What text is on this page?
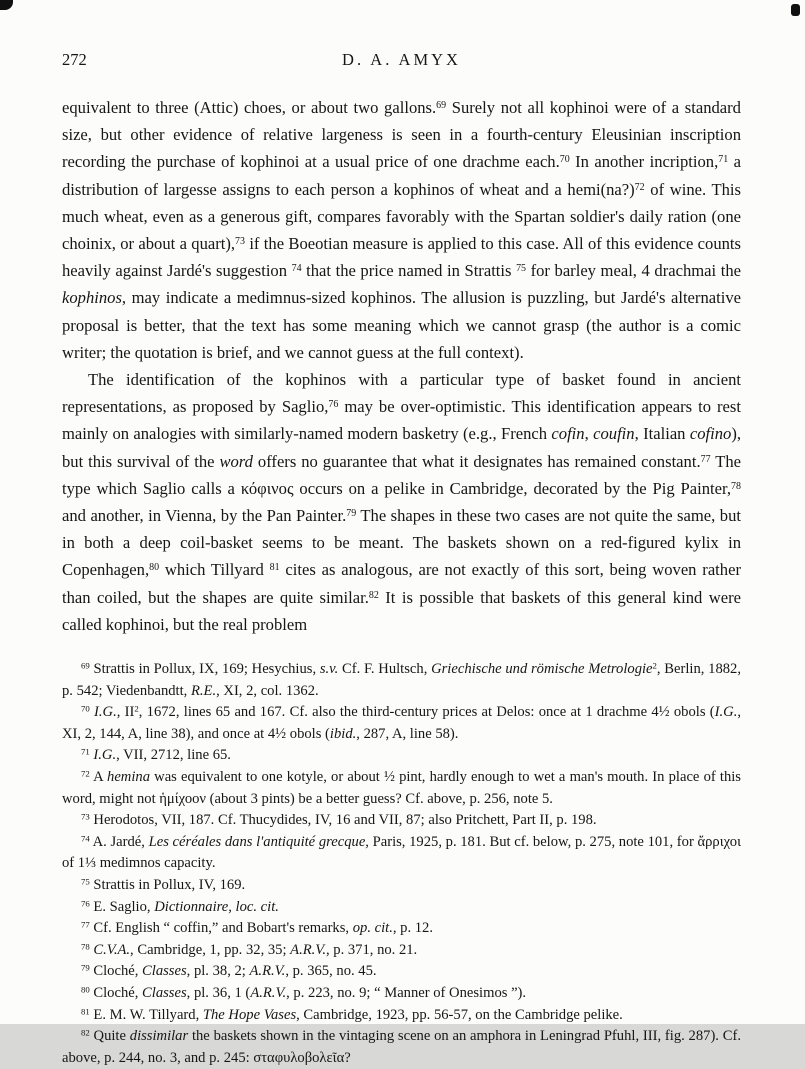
272	D. A. AMYX

equivalent to three (Attic) choes, or about two gallons.$^{69}$ Surely not all kophinoi were of a standard size, but other evidence of relative largeness is seen in a fourth-century Eleusinian inscription recording the purchase of kophinoi at a usual price of one drachme each.$^{70}$ In another incription,$^{71}$ a distribution of largesse assigns to each person a kophinos of wheat and a hemi(na?)$^{72}$ of wine. This much wheat, even as a generous gift, compares favorably with the Spartan soldier's daily ration (one choinix, or about a quart),$^{73}$ if the Boeotian measure is applied to this case. All of this evidence counts heavily against Jardé's suggestion $^{74}$ that the price named in Strattis $^{75}$ for barley meal, 4 drachmai the kophinos, may indicate a medimnus-sized kophinos. The allusion is puzzling, but Jardé's alternative proposal is better, that the text has some meaning which we cannot grasp (the author is a comic writer; the quotation is brief, and we cannot guess at the full context).

The identification of the kophinos with a particular type of basket found in ancient representations, as proposed by Saglio,$^{76}$ may be over-optimistic. This identification appears to rest mainly on analogies with similarly-named modern basketry (e.g., French cofin, coufin, Italian cofino), but this survival of the word offers no guarantee that what it designates has remained constant.$^{77}$ The type which Saglio calls a κόφινος occurs on a pelike in Cambridge, decorated by the Pig Painter,$^{78}$ and another, in Vienna, by the Pan Painter.$^{79}$ The shapes in these two cases are not quite the same, but in both a deep coil-basket seems to be meant. The baskets shown on a red-figured kylix in Copenhagen,$^{80}$ which Tillyard $^{81}$ cites as analogous, are not exactly of this sort, being woven rather than coiled, but the shapes are quite similar.$^{82}$ It is possible that baskets of this general kind were called kophinoi, but the real problem

$^{69}$ Strattis in Pollux, IX, 169; Hesychius, s.v. Cf. F. Hultsch, Griechische und römische Metrologie$^2$, Berlin, 1882, p. 542; Viedenbandtt, R.E., XI, 2, col. 1362.

$^{70}$ I.G., $II^2$, 1672, lines 65 and 167. Cf. also the third-century prices at Delos: once at 1 drachme 4½ obols (I.G., XI, 2, 144, A, line 38), and once at 4½ obols (ibid., 287, A, line 58).

$^{71}$ I.G., VII, 2712, line 65.

$^{72}$ A hemina was equivalent to one kotyle, or about ½ pint, hardly enough to wet a man's mouth. In place of this word, might not ἡμίχοον (about 3 pints) be a better guess? Cf. above, p. 256, note 5.

$^{73}$ Herodotos, VII, 187. Cf. Thucydides, IV, 16 and VII, 87; also Pritchett, Part II, p. 198.

$^{74}$ A. Jardé, Les céréales dans l'antiquité grecque, Paris, 1925, p. 181. But cf. below, p. 275, note 101, for ἄρριχοι of 1⅓ medimnos capacity.

$^{75}$ Strattis in Pollux, IV, 169.

$^{76}$ E. Saglio, Dictionnaire, loc. cit.

$^{77}$ Cf. English “ coffin,” and Bobart's remarks, op. cit., p. 12.

$^{78}$ C.V.A., Cambridge, 1, pp. 32, 35; A.R.V., p. 371, no. 21.

$^{79}$ Cloché, Classes, pl. 38, 2; A.R.V., p. 365, no. 45.

$^{80}$ Cloché, Classes, pl. 36, 1 (A.R.V., p. 223, no. 9; “ Manner of Onesimos ”).

$^{81}$ E. M. W. Tillyard, The Hope Vases, Cambridge, 1923, pp. 56-57, on the Cambridge pelike.

$^{82}$ Quite dissimilar the baskets shown in the vintaging scene on an amphora in Leningrad Pfuhl, III, fig. 287). Cf. above, p. 244, no. 3, and p. 245: σταφυλοβολεῖα?
